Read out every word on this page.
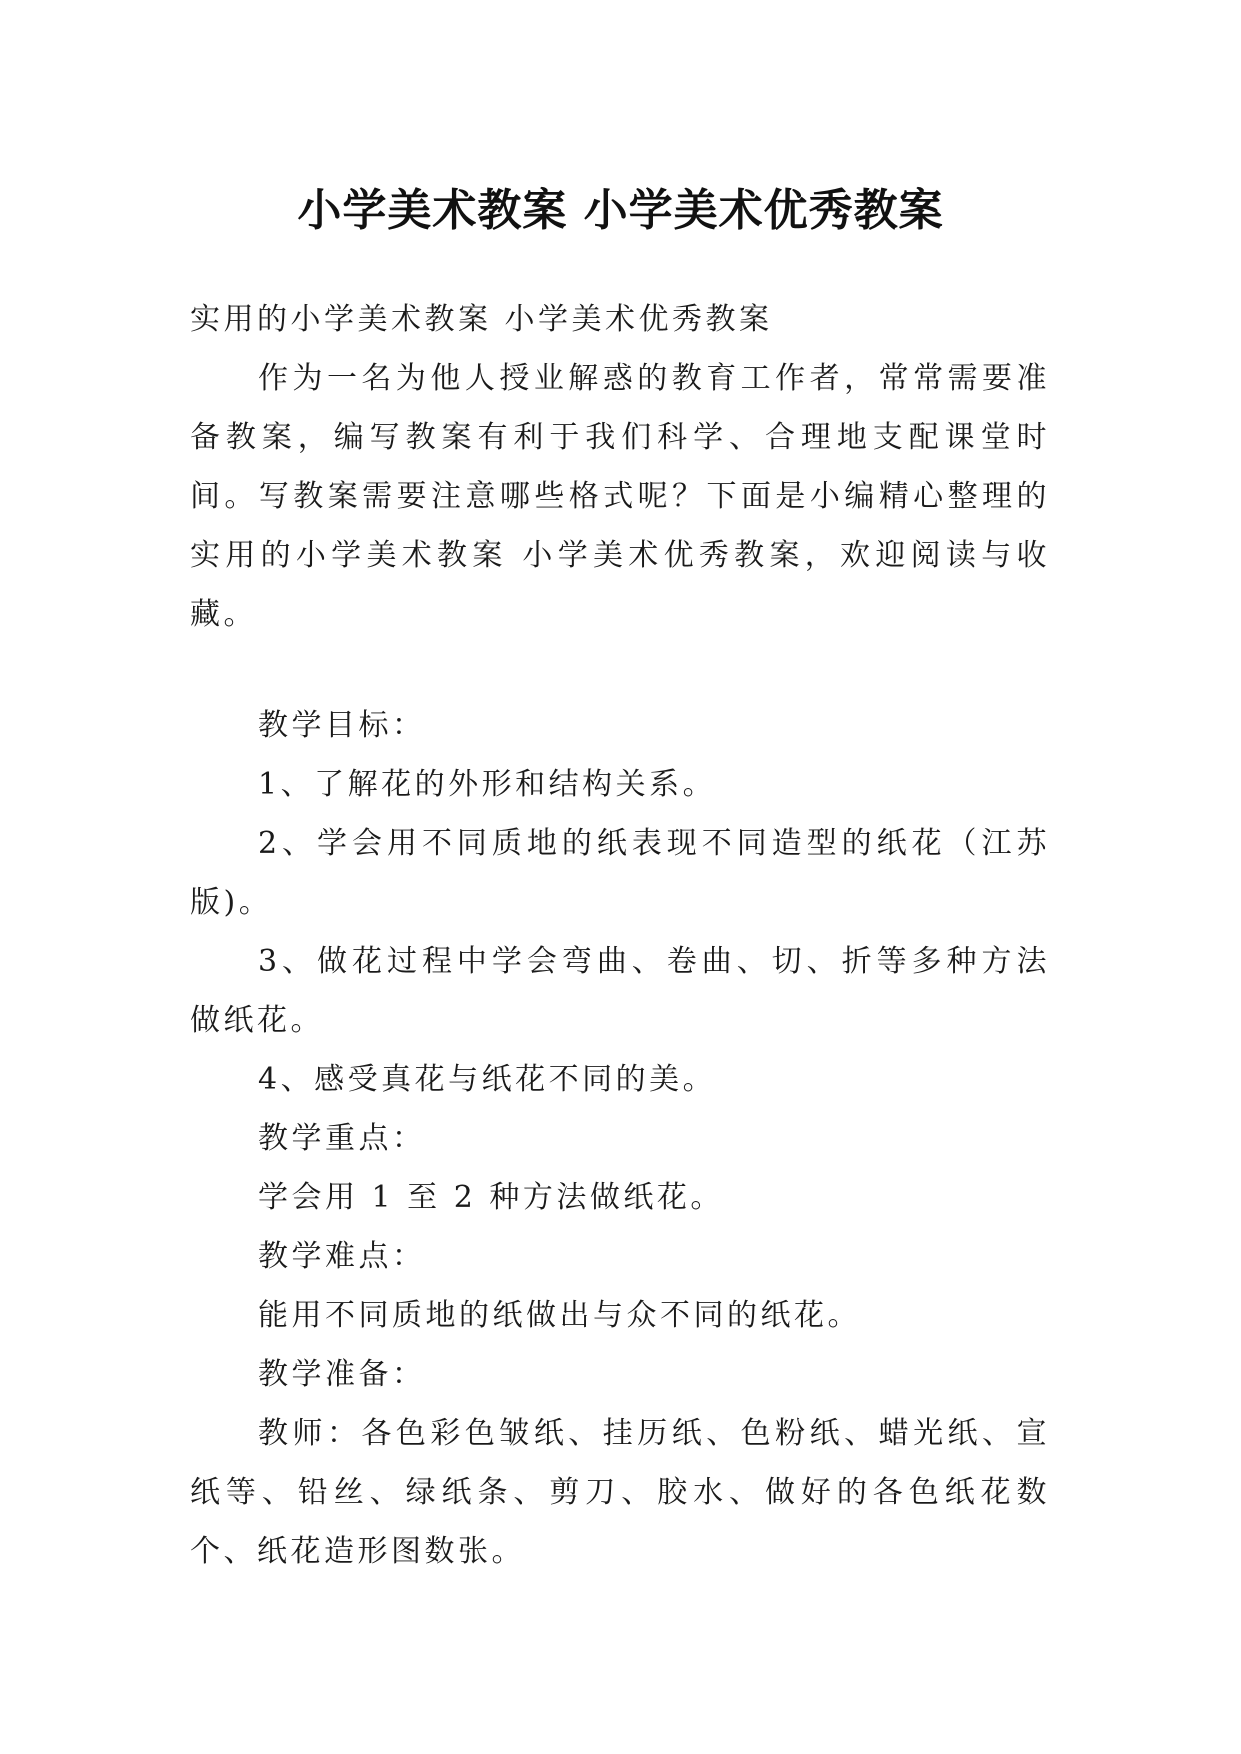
小学美术教案 小学美术优秀教案

实用的小学美术教案 小学美术优秀教案

作为一名为他人授业解惑的教育工作者，常常需要准备教案，编写教案有利于我们科学、合理地支配课堂时间。写教案需要注意哪些格式呢？下面是小编精心整理的实用的小学美术教案 小学美术优秀教案，欢迎阅读与收藏。

教学目标：

1、了解花的外形和结构关系。

2、学会用不同质地的纸表现不同造型的纸花（江苏版)。

3、做花过程中学会弯曲、卷曲、切、折等多种方法做纸花。

4、感受真花与纸花不同的美。

教学重点：

学会用 1 至 2 种方法做纸花。

教学难点：

能用不同质地的纸做出与众不同的纸花。

教学准备：

教师：各色彩色皱纸、挂历纸、色粉纸、蜡光纸、宣纸等、铅丝、绿纸条、剪刀、胶水、做好的各色纸花数个、纸花造形图数张。
